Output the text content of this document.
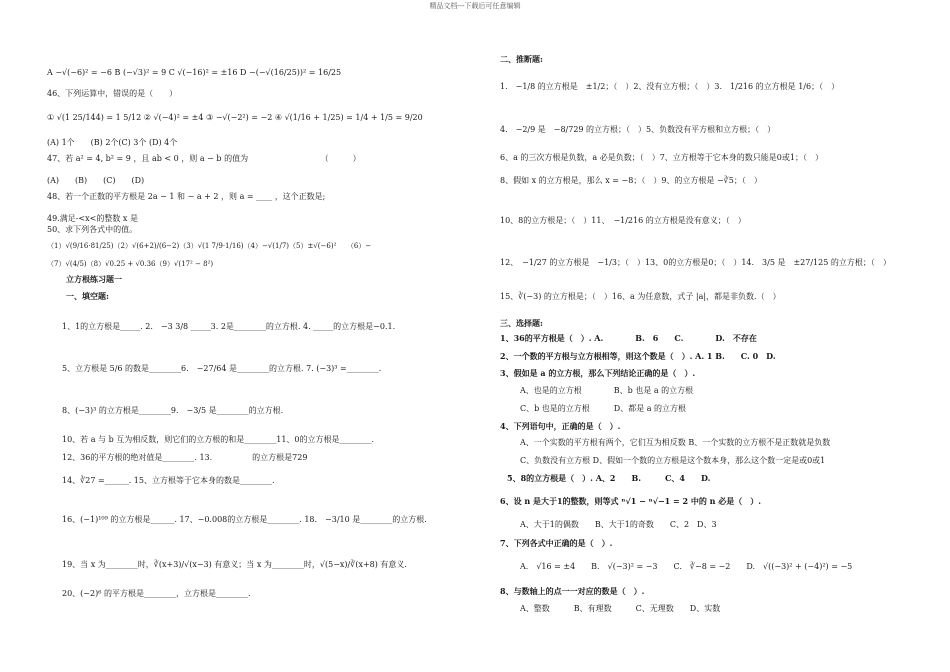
精品文档---下载后可任意编辑
A −√(−6)² = −6 B (−√3)² = 9 C √(−16)² = ±16 D −(−√(16/25))² = 16/25
46、下列运算中，错误的是（　　）
① √(1 25/144) = 1 5/12 ② √(−4)² = ±4 ③ −√(−2²) = −2 ④ √(1/16 + 1/25) = 1/4 + 1/5 = 9/20
(A) 1个　　(B) 2个(C) 3个 (D) 4个
47、若 a² = 4, b² = 9 ，且 ab < 0 ，则 a − b 的值为	（　　　）
(A)　　(B)　　(C)　　(D)
48、若一个正数的平方根是 2a − 1 和 − a + 2 ，则 a = ____ ，这个正数是;
49.满足-<x<的整数 x 是
50、求下列各式中的值。
（1）√(9/16·81/25)（2）√(6+2)/(6−2)（3）√(1 7/9·1/16)（4）−√(1/7)（5）±√(−6)²　　（6）−
（7）√(4/5)（8）√0.25 + √0.36（9）√(17² − 8²)
立方根练习题一
一、填空题:
1、1的立方根是_____. 2.　−3 3/8 _____3. 2是________的立方根. 4. _____的立方根是−0.1.
5、立方根是 5/6 的数是________6.　−27/64 是________的立方根. 7. (−3)³ =________.
8、(−3)³ 的立方根是________9.　−3/5 是________的立方根.
10、若 a 与 b 互为相反数，则它们的立方根的和是________11、0的立方根是________.
12、36的平方根的绝对值是________. 13.　　　　　的立方根是729
14、∛27 =______. 15、立方根等于它本身的数是________.
16、(−1)¹⁰⁹ 的立方根是______. 17、−0.008的立方根是________. 18.　−3/10 是________的立方根.
19、当 x 为________时，∛(x+3)/√(x−3) 有意义；当 x 为________时，√(5−x)/∛(x+8) 有意义.
20、(−2)⁶ 的平方根是________，立方根是________.
二、推断题:
1.　−1/8 的立方根是　±1/2；（　）2、没有立方根；（　）3.　1/216 的立方根是 1/6；（　）
4.　−2/9 是　−8/729 的立方根；（　）5、负数没有平方根和立方根；（　）
6、a 的三次方根是负数，a 必是负数；（　）7、立方根等于它本身的数只能是0或1；（　）
8、假如 x 的立方根是，那么 x = −8；（　）9、的立方根是 −∛5；（　）
10、8的立方根是；（　）11、　−1/216 的立方根是没有意义；（　）
12、　−1/27 的立方根是　−1/3；（　）13、0的立方根是0；（　）14.　3/5 是　±27/125 的立方根；（　）
15、∛(−3) 的立方根是；（　）16、a 为任意数，式子 |a|，都是非负数.（　）
三、选择题:
1、36的平方根是（　）. A.　　　　B.　6　　C.　　　　D.　不存在
2、一个数的平方根与立方根相等，则这个数是（　）. A. 1 B.　　C. 0　D.
3、假如是 a 的立方根，那么下列结论正确的是（　）.
A、也是的立方根　　　　B、b 也是 a 的立方根
C、b 也是的立方根　　　D、都是 a 的立方根
4、下列语句中，正确的是（　）.
A、一个实数的平方根有两个，它们互为相反数 B、一个实数的立方根不是正数就是负数
C、负数没有立方根 D、假如一个数的立方根是这个数本身，那么这个数一定是或0或1
5、8的立方根是（　）. A、2　　B.　　　C、4　　D.
6、设 n 是大于1的整数，则等式 ⁿ√1 − ⁿ√−1 = 2 中的 n 必是（　）.
A、大于1的偶数　　B、大于1的奇数　　C、2　D、3
7、下列各式中正确的是（　）.
A.　√16 = ±4　　B.　√(−3)² = −3　　C.　∛−8 = −2　　D.　√((−3)² + (−4)²) = −5
8、与数轴上的点一一对应的数是（　）.
A、整数　　　B、有理数　　　C、无理数　　D、实数
